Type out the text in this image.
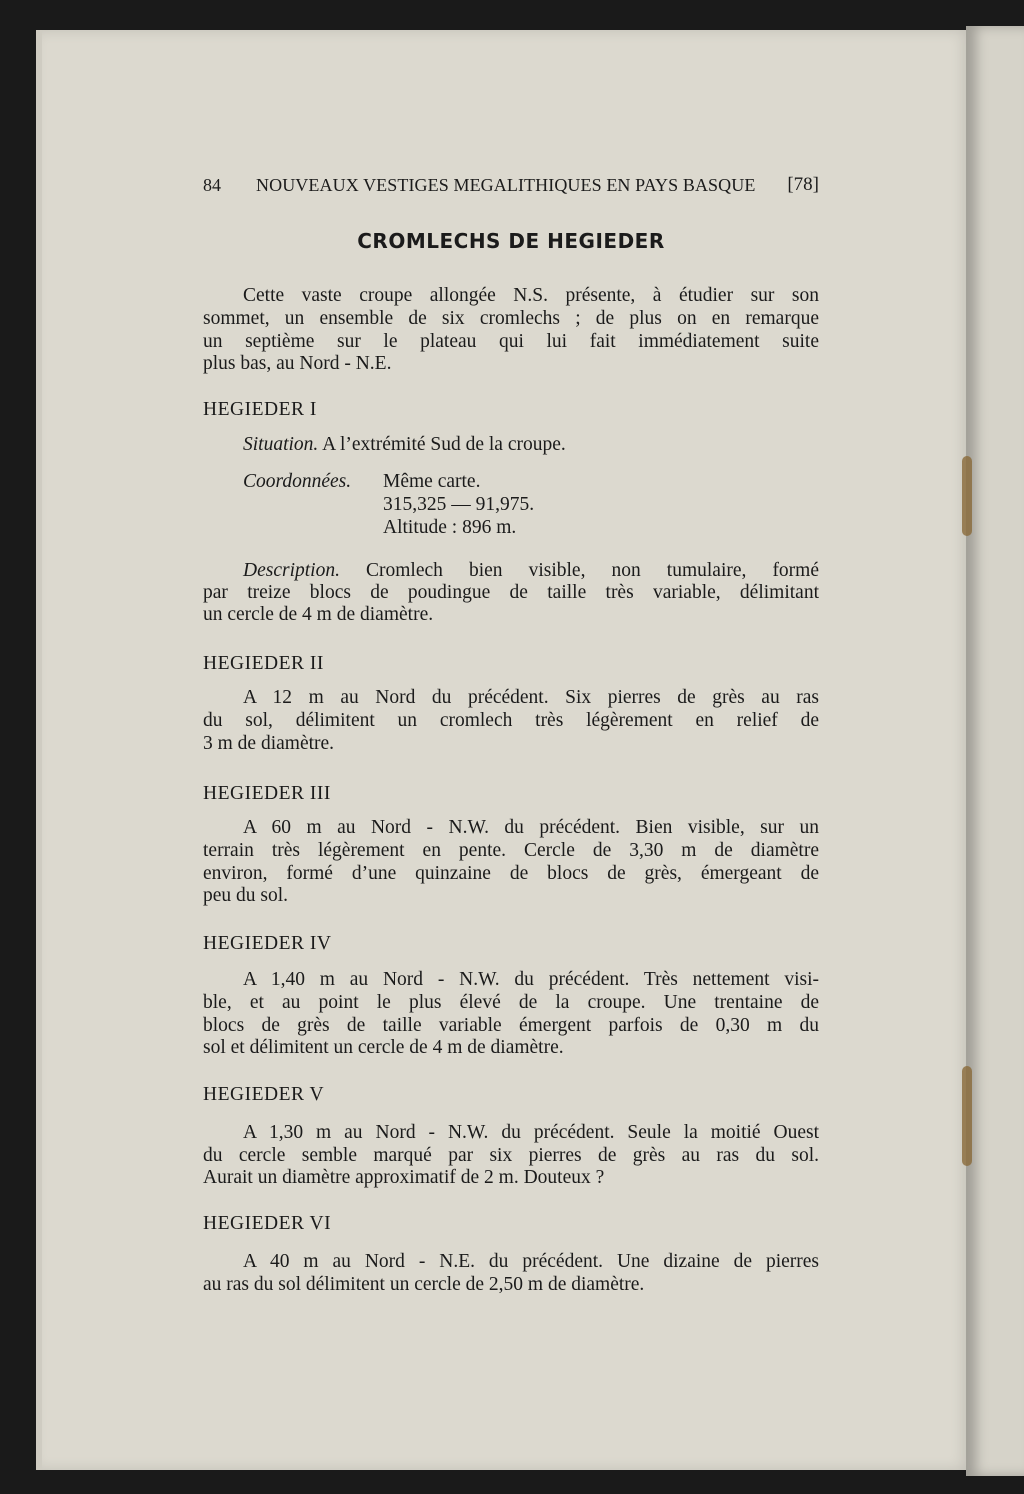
84 NOUVEAUX VESTIGES MEGALITHIQUES EN PAYS BASQUE [78]
CROMLECHS DE HEGIEDER
Cette vaste croupe allongée N.S. présente, à étudier sur son
sommet, un ensemble de six cromlechs ; de plus on en remarque
un septième sur le plateau qui lui fait immédiatement suite
plus bas, au Nord - N.E.
HEGIEDER I
Situation. A l’extrémité Sud de la croupe.
Coordonnées.	Même carte.
315,325 — 91,975.
Altitude : 896 m.
Description. Cromlech bien visible, non tumulaire, formé
par treize blocs de poudingue de taille très variable, délimitant
un cercle de 4 m de diamètre.
HEGIEDER II
A 12 m au Nord du précédent. Six pierres de grès au ras
du sol, délimitent un cromlech très légèrement en relief de
3 m de diamètre.
HEGIEDER III
A 60 m au Nord - N.W. du précédent. Bien visible, sur un
terrain très légèrement en pente. Cercle de 3,30 m de diamètre
environ, formé d’une quinzaine de blocs de grès, émergeant de
peu du sol.
HEGIEDER IV
A 1,40 m au Nord - N.W. du précédent. Très nettement visi-
ble, et au point le plus élevé de la croupe. Une trentaine de
blocs de grès de taille variable émergent parfois de 0,30 m du
sol et délimitent un cercle de 4 m de diamètre.
HEGIEDER V
A 1,30 m au Nord - N.W. du précédent. Seule la moitié Ouest
du cercle semble marqué par six pierres de grès au ras du sol.
Aurait un diamètre approximatif de 2 m. Douteux ?
HEGIEDER VI
A 40 m au Nord - N.E. du précédent. Une dizaine de pierres
au ras du sol délimitent un cercle de 2,50 m de diamètre.
